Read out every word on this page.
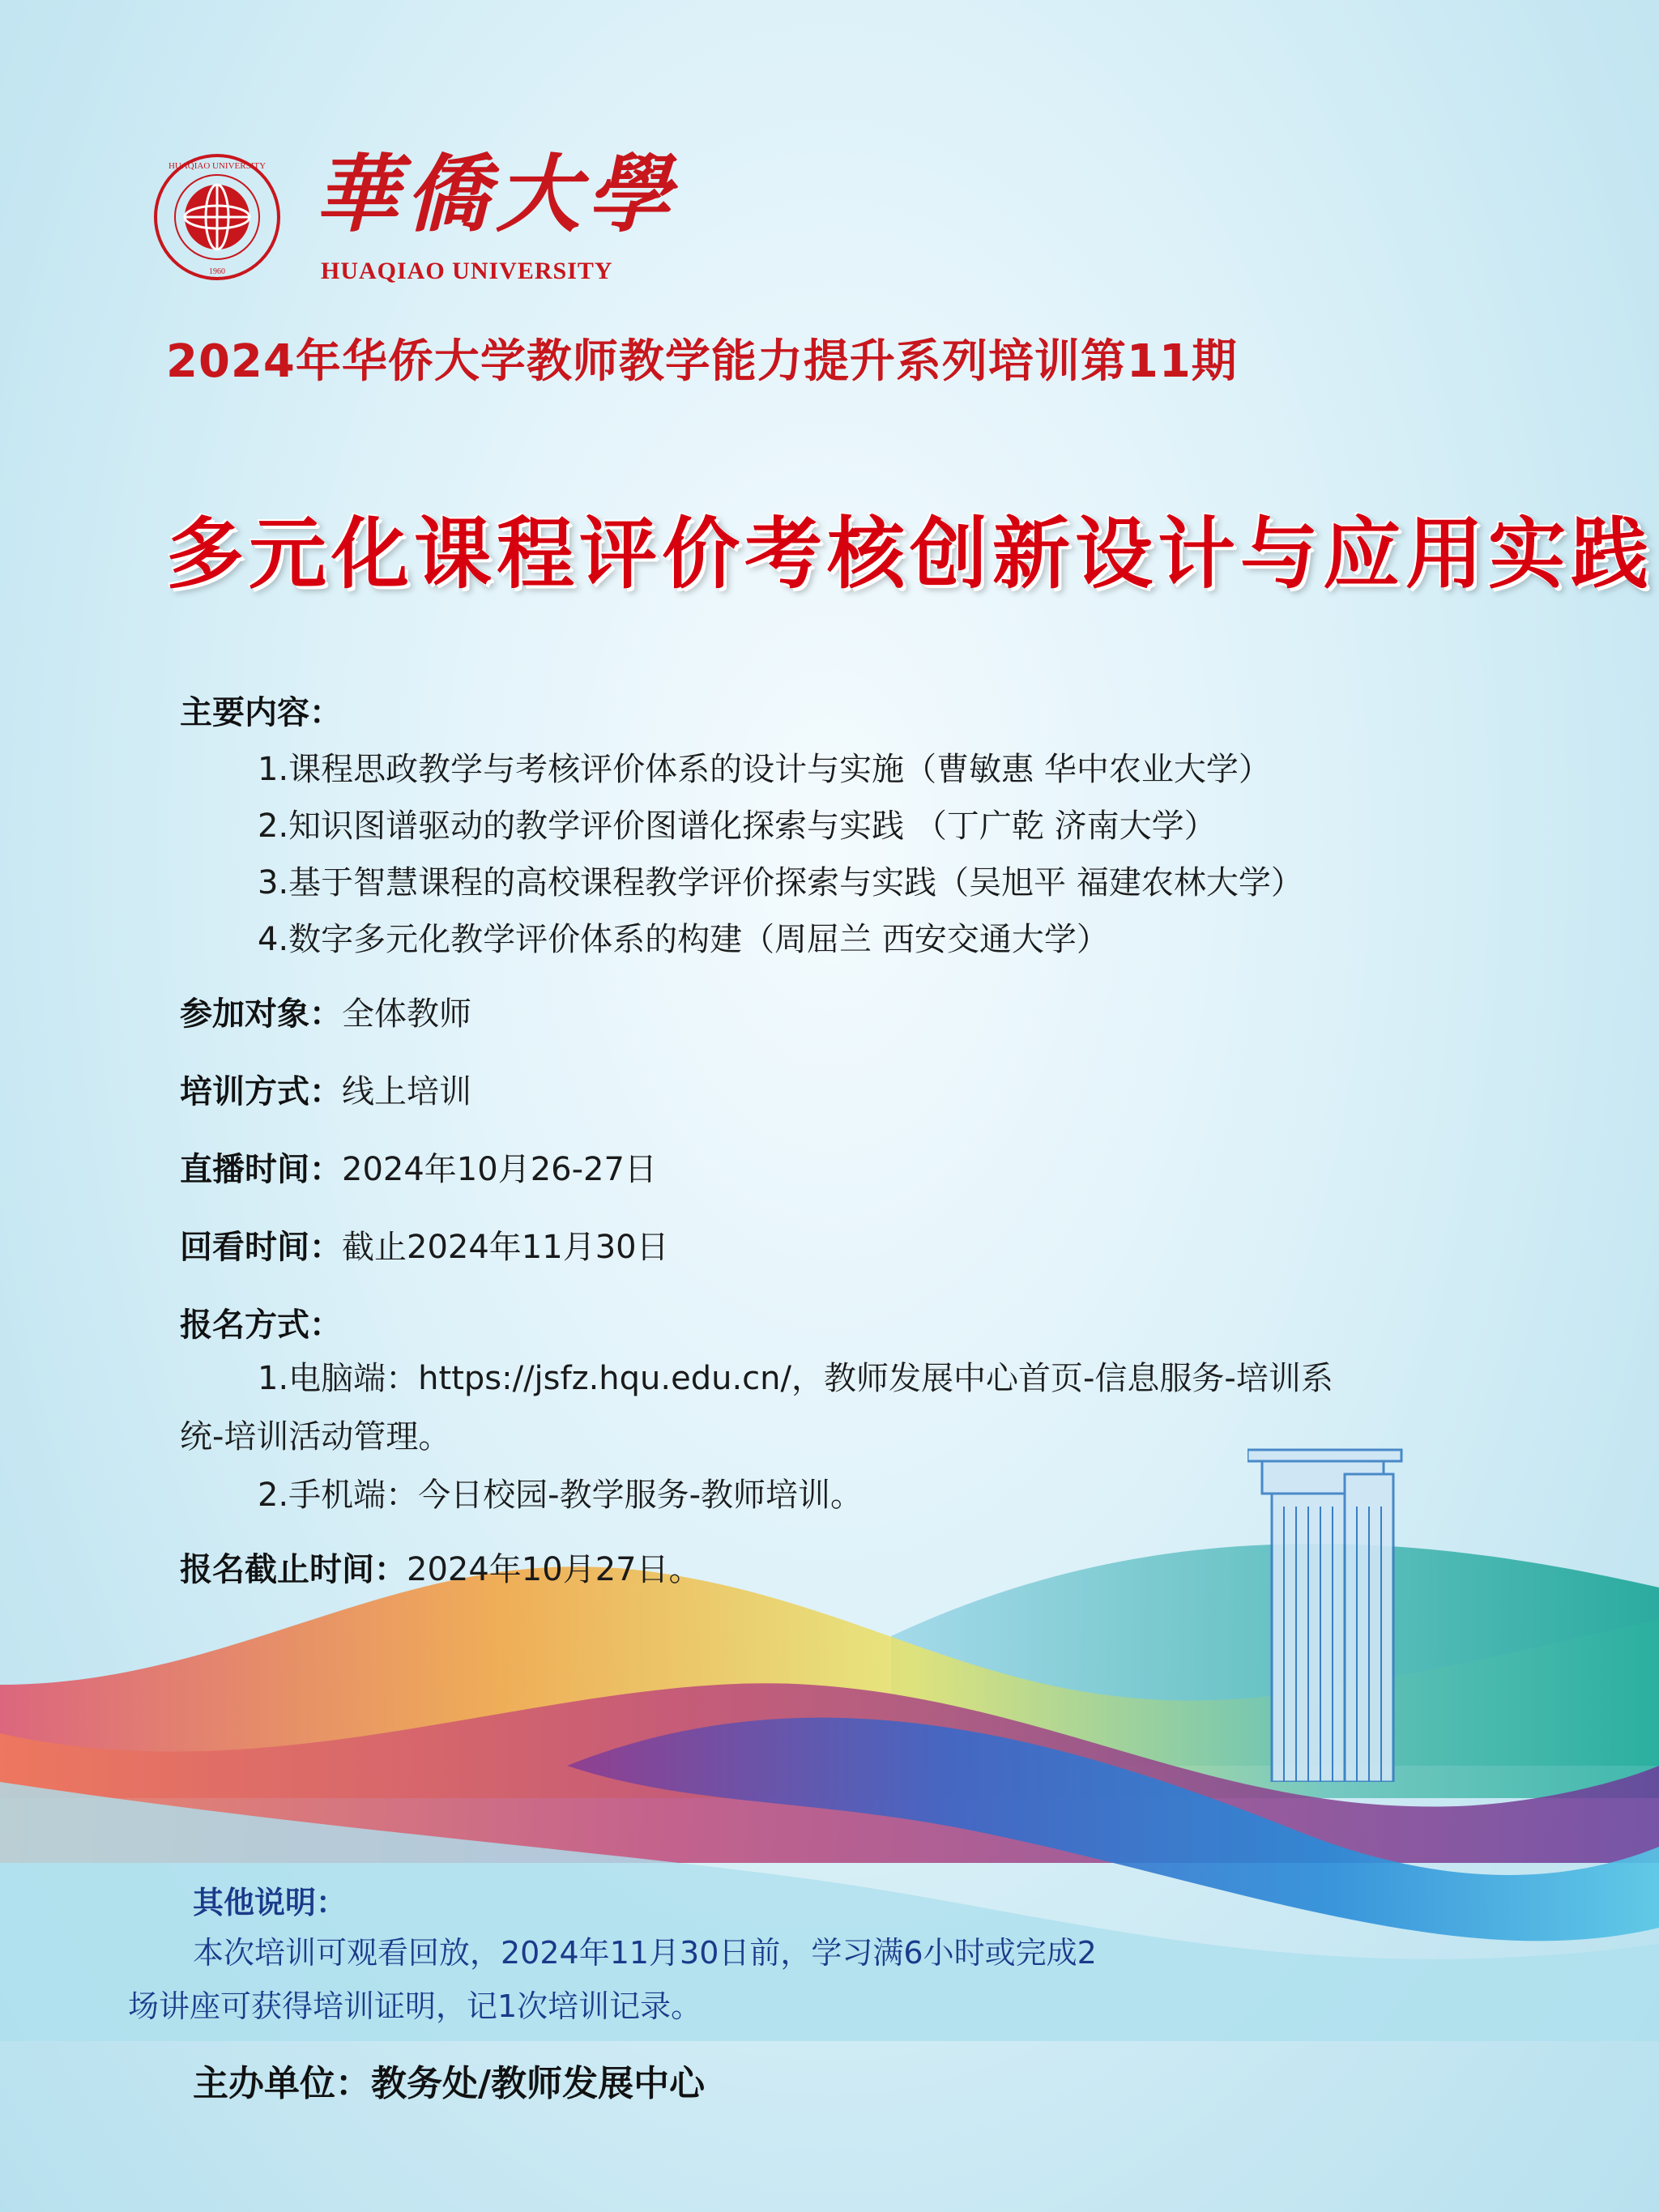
HUAQIAO UNIVERSITY
1960
華僑大學
HUAQIAO UNIVERSITY
2024年华侨大学教师教学能力提升系列培训第11期
多元化课程评价考核创新设计与应用实践
主要内容：
1.课程思政教学与考核评价体系的设计与实施（曹敏惠 华中农业大学）
2.知识图谱驱动的教学评价图谱化探索与实践 （丁广乾 济南大学）
3.基于智慧课程的高校课程教学评价探索与实践（吴旭平 福建农林大学）
4.数字多元化教学评价体系的构建（周屈兰 西安交通大学）
参加对象：全体教师
培训方式：线上培训
直播时间：2024年10月26-27日
回看时间：截止2024年11月30日
报名方式：
1.电脑端：https://jsfz.hqu.edu.cn/，教师发展中心首页-信息服务-培训系
统-培训活动管理。
2.手机端：今日校园-教学服务-教师培训。
报名截止时间：2024年10月27日。
其他说明：
本次培训可观看回放，2024年11月30日前，学习满6小时或完成2
场讲座可获得培训证明，记1次培训记录。
主办单位：教务处/教师发展中心
